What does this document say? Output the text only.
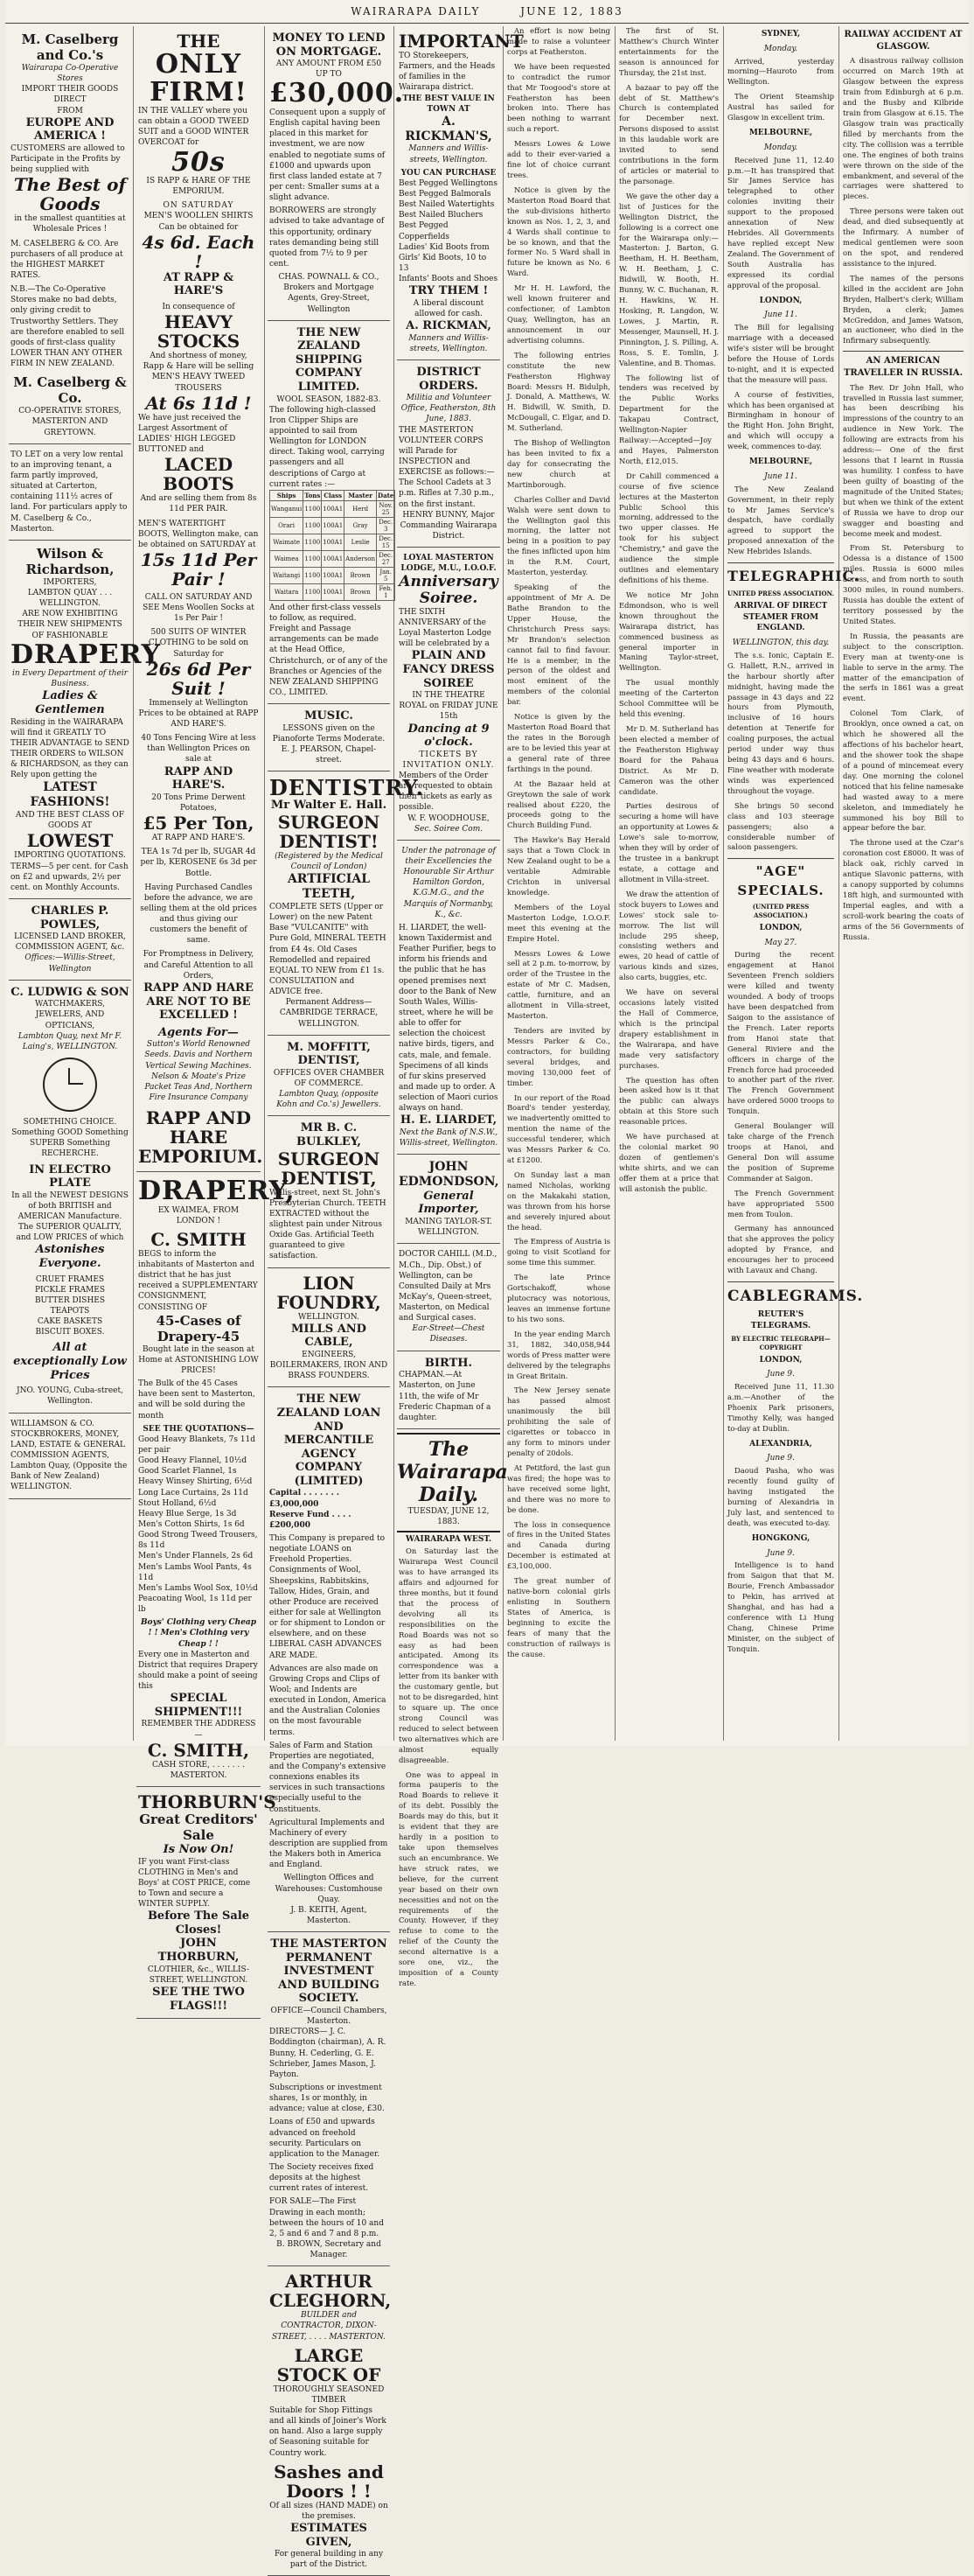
WAIRARAPA DAILY	JUNE 12, 1883
M. Caselberg and Co.'s
Wairarapa Co-Operative Stores
IMPORT THEIR GOODS DIRECT
FROM
EUROPE AND AMERICA !
CUSTOMERS are allowed to Participate in the Profits by being supplied with
The Best of Goods
in the smallest quantities at Wholesale Prices !
M. CASELBERG & CO. Are purchasers of all produce at the HIGHEST MARKET RATES.
N.B.—The Co-Operative Stores make no bad debts, only giving credit to Trustworthy Settlers. They are therefore enabled to sell goods of first-class quality LOWER THAN ANY OTHER FIRM IN NEW ZEALAND.
M. Caselberg & Co.
CO-OPERATIVE STORES, MASTERTON AND GREYTOWN.
TO LET on a very low rental to an improving tenant, a farm partly improved, situated at Carterton, containing 111½ acres of land. For particulars apply to M. Caselberg & Co., Masterton.
Wilson & Richardson,
IMPORTERS,
LAMBTON QUAY . . . WELLINGTON.
ARE NOW EXHIBITING THEIR NEW SHIPMENTS OF FASHIONABLE
DRAPERY
in Every Department of their Business.
Ladies & Gentlemen
Residing in the WAIRARAPA will find it GREATLY TO THEIR ADVANTAGE to SEND THEIR ORDERS to WILSON & RICHARDSON, as they can Rely upon getting the
LATEST FASHIONS!
AND THE BEST CLASS OF GOODS AT
LOWEST
IMPORTING QUOTATIONS.
TERMS—5 per cent. for Cash on £2 and upwards, 2½ per cent. on Monthly Accounts.
CHARLES P. POWLES,
LICENSED LAND BROKER, COMMISSION AGENT, &c.
Offices:—Willis-Street, Wellington
C. LUDWIG & SON
WATCHMAKERS, JEWELERS, AND OPTICIANS,
Lambton Quay, next Mr F. Laing's, WELLINGTON.
SOMETHING CHOICE. Something GOOD Something SUPERB Something RECHERCHE.
IN ELECTRO PLATE
In all the NEWEST DESIGNS of both BRITISH and AMERICAN Manufacture. The SUPERIOR QUALITY, and LOW PRICES of which
Astonishes Everyone.
CRUET FRAMES
PICKLE FRAMES
BUTTER DISHES
TEAPOTS
CAKE BASKETS
BISCUIT BOXES.
All at exceptionally Low Prices
JNO. YOUNG, Cuba-street, Wellington.
WILLIAMSON & CO. STOCKBROKERS, MONEY, LAND, ESTATE & GENERAL COMMISSION AGENTS, Lambton Quay, (Opposite the Bank of New Zealand) WELLINGTON.
THE
ONLY FIRM!
IN THE VALLEY where you can obtain a GOOD TWEED SUIT and a GOOD WINTER OVERCOAT for
50s
IS RAPP & HARE OF THE EMPORIUM.
ON SATURDAY
MEN'S WOOLLEN SHIRTS Can be obtained for
4s 6d. Each !
AT RAPP & HARE'S
In consequence of
HEAVY STOCKS
And shortness of money, Rapp & Hare will be selling MEN'S HEAVY TWEED TROUSERS
At 6s 11d !
We have just received the Largest Assortment of LADIES' HIGH LEGGED BUTTONED and
LACED BOOTS
And are selling them from 8s 11d PER PAIR.
MEN'S WATERTIGHT BOOTS, Wellington make, can be obtained on SATURDAY at
15s 11d Per Pair !
CALL ON SATURDAY AND SEE Mens Woollen Socks at 1s Per Pair !
500 SUITS OF WINTER CLOTHING to be sold on Saturday for
26s 6d Per Suit !
Immensely at Wellington Prices to be obtained at RAPP AND HARE'S.
40 Tons Fencing Wire at less than Wellington Prices on sale at
RAPP AND HARE'S.
20 Tons Prime Derwent Potatoes,
£5 Per Ton,
AT RAPP AND HARE'S.
TEA 1s 7d per lb, SUGAR 4d per lb, KEROSENE 6s 3d per Bottle.
Having Purchased Candles before the advance, we are selling them at the old prices and thus giving our customers the benefit of same.
For Promptness in Delivery, and Careful Attention to all Orders,
RAPP AND HARE ARE NOT TO BE EXCELLED !
Agents For—
Sutton's World Renowned Seeds. Davis and Northern Vertical Sewing Machines. Nelson & Moate's Prize Packet Teas And, Northern Fire Insurance Company
RAPP AND HARE EMPORIUM.
DRAPERY,
EX WAIMEA, FROM LONDON !
C. SMITH
BEGS to inform the inhabitants of Masterton and district that he has just received a SUPPLEMENTARY CONSIGNMENT, CONSISTING OF
45-Cases of Drapery-45
Bought late in the season at Home at ASTONISHING LOW PRICES!
The Bulk of the 45 Cases have been sent to Masterton, and will be sold during the month
SEE THE QUOTATIONS—
Good Heavy Blankets, 7s 11d per pair
Good Heavy Flannel, 10½d
Good Scarlet Flannel, 1s
Heavy Winsey Shirting, 6½d
Long Lace Curtains, 2s 11d
Stout Holland, 6½d
Heavy Blue Serge, 1s 3d
Men's Cotton Shirts, 1s 6d
Good Strong Tweed Trousers, 8s 11d
Men's Under Flannels, 2s 6d
Men's Lambs Wool Pants, 4s 11d
Men's Lambs Wool Sox, 10½d
Peacoating Wool, 1s 11d per lb
Boys' Clothing very Cheap ! ! Men's Clothing very Cheap ! !
Every one in Masterton and District that requires Drapery should make a point of seeing this
SPECIAL SHIPMENT!!!
REMEMBER THE ADDRESS—
C. SMITH,
CASH STORE, . . . . . . . MASTERTON.
THORBURN'S
Great Creditors' Sale
Is Now On!
IF you want First-class CLOTHING in Men's and Boys' at COST PRICE, come to Town and secure a WINTER SUPPLY.
Before The Sale Closes!
JOHN THORBURN,
CLOTHIER, &c., WILLIS-STREET, WELLINGTON.
SEE THE TWO FLAGS!!!
MONEY TO LEND ON MORTGAGE.
ANY AMOUNT FROM £50 UP TO
£30,000.
Consequent upon a supply of English capital having been placed in this market for investment, we are now enabled to negotiate sums of £1000 and upwards upon first class landed estate at 7 per cent: Smaller sums at a slight advance.
BORROWERS are strongly advised to take advantage of this opportunity, ordinary rates demanding being still quoted from 7½ to 9 per cent.
CHAS. POWNALL & CO., Brokers and Mortgage Agents, Grey-Street, Wellington
THE NEW ZEALAND SHIPPING COMPANY LIMITED.
WOOL SEASON, 1882-83.
The following high-classed Iron Clipper Ships are appointed to sail from Wellington for LONDON direct. Taking wool, carrying passengers and all descriptions of Cargo at current rates :—
Ships	Tons	Class	Master	Date
Wanganui	1100	100A1	Herd	Nov. 25
Orari	1100	100A1	Gray	Dec. 3
Waimate	1100	100A1	Leslie	Dec. 15
Waimea	1100	100A1	Anderson	Dec. 27
Waitangi	1100	100A1	Brown	Jan. 5
Waitara	1100	100A1	Brown	Feb. 1
And other first-class vessels to follow, as required.
Freight and Passage arrangements can be made at the Head Office, Christchurch, or of any of the Branches or Agencies of the NEW ZEALAND SHIPPING CO., LIMITED.
MUSIC.
LESSONS given on the Pianoforte Terms Moderate. E. J. PEARSON, Chapel-street.
DENTISTRY.
Mr Walter E. Hall.
SURGEON DENTIST!
(Registered by the Medical Council of London)
ARTIFICIAL TEETH,
COMPLETE SETS (Upper or Lower) on the new Patent Base "VULCANITE" with Pure Gold, MINERAL TEETH from £4 4s. Old Cases Remodelled and repaired EQUAL TO NEW from £1 1s. CONSULTATION and ADVICE free.
Permanent Address—CAMBRIDGE TERRACE, WELLINGTON.
M. MOFFITT, DENTIST,
OFFICES OVER CHAMBER OF COMMERCE.
Lambton Quay, (opposite Kohn and Co.'s) Jewellers.
MR B. C. BULKLEY,
SURGEON DENTIST,
Willis-street, next St. John's Presbyterian Church. TEETH EXTRACTED without the slightest pain under Nitrous Oxide Gas. Artificial Teeth guaranteed to give satisfaction.
LION FOUNDRY,
WELLINGTON.
MILLS AND CABLE,
ENGINEERS, BOILERMAKERS, IRON AND BRASS FOUNDERS.
THE NEW ZEALAND LOAN AND MERCANTILE AGENCY COMPANY (LIMITED)
Capital . . . . . . . £3,000,000
Reserve Fund . . . . £200,000
This Company is prepared to negotiate LOANS on Freehold Properties. Consignments of Wool, Sheepskins, Rabbitskins, Tallow, Hides, Grain, and other Produce are received either for sale at Wellington or for shipment to London or elsewhere, and on these LIBERAL CASH ADVANCES ARE MADE.
Advances are also made on Growing Crops and Clips of Wool; and Indents are executed in London, America and the Australian Colonies on the most favourable terms.
Sales of Farm and Station Properties are negotiated, and the Company's extensive connexions enables its services in such transactions especially useful to the constituents.
Agricultural Implements and Machinery of every description are supplied from the Makers both in America and England.
Wellington Offices and Warehouses: Customhouse Quay.
J. B. KEITH, Agent, Masterton.
THE MASTERTON PERMANENT INVESTMENT AND BUILDING SOCIETY.
OFFICE—Council Chambers, Masterton.
DIRECTORS— J. C. Boddington (chairman), A. R. Bunny, H. Cederling, G. E. Schrieber, James Mason, J. Payton.
Subscriptions or investment shares, 1s or monthly, in advance; value at close, £30.
Loans of £50 and upwards advanced on freehold security. Particulars on application to the Manager.
The Society receives fixed deposits at the highest current rates of interest.
FOR SALE—The First Drawing in each month; between the hours of 10 and 2, 5 and 6 and 7 and 8 p.m.
B. BROWN, Secretary and Manager.
ARTHUR CLEGHORN,
BUILDER and CONTRACTOR, DIXON-STREET, . . . . MASTERTON.
LARGE STOCK OF
THOROUGHLY SEASONED TIMBER
Suitable for Shop Fittings and all kinds of Joiner's Work on hand. Also a large supply of Seasoning suitable for Country work.
Sashes and Doors ! !
Of all sizes (HAND MADE) on the premises.
ESTIMATES GIVEN,
For general building in any part of the District.
IMPORTANT
TO Storekeepers, Farmers, and the Heads of families in the Wairarapa district.
THE BEST VALUE IN TOWN AT
A. RICKMAN'S,
Manners and Willis-streets, Wellington.
YOU CAN PURCHASE
Best Pegged Wellingtons
Best Pegged Balmorals
Best Nailed Watertights
Best Nailed Bluchers
Best Pegged Copperfields
Ladies' Kid Boots from
Girls' Kid Boots, 10 to 13
Infants' Boots and Shoes
TRY THEM !
A liberal discount allowed for cash.
A. RICKMAN,
Manners and Willis-streets, Wellington.
DISTRICT ORDERS.
Militia and Volunteer Office, Featherston, 8th June, 1883.
THE MASTERTON VOLUNTEER CORPS will Parade for INSPECTION and EXERCISE as follows:—
The School Cadets at 3 p.m. Rifles at 7.30 p.m., on the first instant.
HENRY BUNNY, Major Commanding Wairarapa District.
LOYAL MASTERTON LODGE, M.U., I.O.O.F.
Anniversary Soiree.
THE SIXTH ANNIVERSARY of the Loyal Masterton Lodge will be celebrated by a
PLAIN AND FANCY DRESS SOIREE
IN THE THEATRE ROYAL on FRIDAY JUNE 15th
Dancing at 9 o'clock.
TICKETS BY INVITATION ONLY.
Members of the Order are requested to obtain their tickets as early as possible.
W. F. WOODHOUSE,
Sec. Soiree Com.
Under the patronage of their Excellencies the Honourable Sir Arthur Hamilton Gordon, K.G.M.G., and the Marquis of Normanby, K., &c.
H. LIARDET, the well-known Taxidermist and Feather Purifier, begs to inform his friends and the public that he has opened premises next door to the Bank of New South Wales, Willis-street, where he will be able to offer for selection the choicest native birds, tigers, and cats, male, and female. Specimens of all kinds of fur skins preserved and made up to order. A selection of Maori curios always on hand.
H. E. LIARDET,
Next the Bank of N.S.W., Willis-street, Wellington.
JOHN EDMONDSON,
General Importer,
MANING TAYLOR-ST. WELLINGTON.
DOCTOR CAHILL (M.D., M.Ch., Dip. Obst.) of Wellington, can be Consulted Daily at Mrs McKay's, Queen-street, Masterton, on Medical and Surgical cases.
Ear-Street—Chest Diseases.
BIRTH.
CHAPMAN.—At Masterton, on June 11th, the wife of Mr Frederic Chapman of a daughter.
The Wairarapa Daily.
TUESDAY, JUNE 12, 1883.
WAIRARAPA WEST.

On Saturday last the Wairarapa West Council was to have arranged its affairs and adjourned for three months, but it found that the process of devolving all its responsibilities on the Road Boards was not so easy as had been anticipated. Among its correspondence was a letter from its banker with the customary gentle, but not to be disregarded, hint to square up. The once strong Council was reduced to select between two alternatives which are almost equally disagreeable.

One was to appeal in forma pauperis to the Road Boards to relieve it of its debt. Possibly the Boards may do this, but it is evident that they are hardly in a position to take upon themselves such an encumbrance. We have struck rates, we believe, for the current year based on their own necessities and not on the requirements of the County. However, if they refuse to come to the relief of the County the second alternative is a sore one, viz., the imposition of a County rate.

An effort is now being made to raise a volunteer corps at Featherston.

We have been requested to contradict the rumor that Mr Toogood's store at Featherston has been broken into. There has been nothing to warrant such a report.

Messrs Lowes & Lowe add to their ever-varied a fine lot of choice currant trees.

Notice is given by the Masterton Road Board that the sub-divisions hitherto known as Nos. 1, 2, 3, and 4 Wards shall continue to be so known, and that the former No. 5 Ward shall in future be known as No. 6 Ward.

Mr H. H. Lawford, the well known fruiterer and confectioner, of Lambton Quay, Wellington, has an announcement in our advertising columns.

The following entries constitute the new Featherston Highway Board: Messrs H. Bidulph, J. Donald, A. Matthews, W. H. Bidwill, W. Smith, D. McDougall, C. Elgar, and D. M. Sutherland.

The Bishop of Wellington has been invited to fix a day for consecrating the new church at Martinborough.

Charles Collier and David Walsh were sent down to the Wellington gaol this morning, the latter not being in a position to pay the fines inflicted upon him in the R.M. Court, Masterton, yesterday.

Speaking of the appointment of Mr A. De Bathe Brandon to the Upper House, the Christchurch Press says: Mr Brandon's selection cannot fail to find favour. He is a member, in the person of the oldest and most eminent of the members of the colonial bar.

Notice is given by the Masterton Road Board that the rates in the Borough are to be levied this year at a general rate of three farthings in the pound.

At the Bazaar held at Greytown the sale of work realised about £220, the proceeds going to the Church Building Fund.

The Hawke's Bay Herald says that a Town Clock in New Zealand ought to be a veritable Admirable Crichton in universal knowledge.

Members of the Loyal Masterton Lodge, I.O.O.F. meet this evening at the Empire Hotel.

Messrs Lowes & Lowe sell at 2 p.m. to-morrow, by order of the Trustee in the estate of Mr C. Madsen, cattle, furniture, and an allotment in Villa-street, Masterton.

Tenders are invited by Messrs Parker & Co., contractors, for building several bridges, and moving 130,000 feet of timber.

In our report of the Road Board's tender yesterday, we inadvertently omitted to mention the name of the successful tenderer, which was Messrs Parker & Co. at £1200.

On Sunday last a man named Nicholas, working on the Makakahi station, was thrown from his horse and severely injured about the head.

The Empress of Austria is going to visit Scotland for some time this summer.

The late Prince Gortschakoff, whose plutocracy was notorious, leaves an immense fortune to his two sons.

In the year ending March 31, 1882, 340,058,944 words of Press matter were delivered by the telegraphs in Great Britain.

The New Jersey senate has passed almost unanimously the bill prohibiting the sale of cigarettes or tobacco in any form to minors under penalty of 20dols.

At Petitford, the last gun was fired; the hope was to have received some light, and there was no more to be done.

The loss in consequence of fires in the United States and Canada during December is estimated at £3,100,000.

The great number of native-born colonial girls enlisting in Southern States of America, is beginning to excite the fears of many that the construction of railways is the cause.

The first of St. Matthew's Church Winter entertainments for the season is announced for Thursday, the 21st inst.

A bazaar to pay off the debt of St. Matthew's Church is contemplated for December next. Persons disposed to assist in this laudable work are invited to send contributions in the form of articles or material to the parsonage.

We gave the other day a list of Justices for the Wellington District, the following is a correct one for the Wairarapa only:— Masterton: J. Barton, G. Beetham, H. H. Beetham, W. H. Beetham, J. C. Bidwill, W. Booth, H. Bunny, W. C. Buchanan, R. H. Hawkins, W. H. Hosking, R. Langdon, W. Lowes, J. Martin, R. Messenger, Maunsell, H. J. Pinnington, J. S. Pilling, A. Ross, S. E. Tomlin, J. Valentine, and B. Thomas.

The following list of tenders was received by the Public Works Department for the Takapau Contract, Wellington-Napier Railway:—Accepted—Joy and Hayes, Palmerston North, £12,015.

Dr Cahill commenced a course of five science lectures at the Masterton Public School this morning, addressed to the two upper classes. He took for his subject "Chemistry," and gave the audience the simple outlines and elementary definitions of his theme.

We notice Mr John Edmondson, who is well known throughout the Wairarapa district, has commenced business as general importer in Maning Taylor-street, Wellington.

The usual monthly meeting of the Carterton School Committee will be held this evening.

Mr D. M. Sutherland has been elected a member of the Featherston Highway Board for the Pahaua District. As Mr D. Cameron was the other candidate.

Parties desirous of securing a home will have an opportunity at Lowes & Lowe's sale to-morrow, when they will by order of the trustee in a bankrupt estate, a cottage and allotment in Villa-street.

We draw the attention of stock buyers to Lowes and Lowes' stock sale to-morrow. The list will include 295 sheep, consisting wethers and ewes, 20 head of cattle of various kinds and sizes, also carts, buggies, etc.

We have on several occasions lately visited the Hall of Commerce, which is the principal drapery establishment in the Wairarapa, and have made very satisfactory purchases.

The question has often been asked how is it that the public can always obtain at this Store such reasonable prices.

We have purchased at the colonial market 90 dozen of gentlemen's white shirts, and we can offer them at a price that will astonish the public.

SYDNEY,
Monday.

Arrived, yesterday morning—Hauroto from Wellington.

The Orient Steamship Austral has sailed for Glasgow in excellent trim.

MELBOURNE,
Monday.

Received June 11, 12.40 p.m.—It has transpired that Sir James Service has telegraphed to other colonies inviting their support to the proposed annexation of New Hebrides. All Governments have replied except New Zealand. The Government of South Australia has expressed its cordial approval of the proposal.

LONDON,
June 11.

The Bill for legalising marriage with a deceased wife's sister will be brought before the House of Lords to-night, and it is expected that the measure will pass.

A course of festivities, which has been organised at Birmingham in honour of the Right Hon. John Bright, and which will occupy a week, commences to-day.

MELBOURNE,
June 11.

The New Zealand Government, in their reply to Mr James Service's despatch, have cordially agreed to support the proposed annexation of the New Hebrides Islands.

TELEGRAPHIC.
UNITED PRESS ASSOCIATION.
ARRIVAL OF DIRECT STEAMER FROM ENGLAND.
WELLINGTON, this day.

The s.s. Ionic, Captain E. G. Hallett, R.N., arrived in the harbour shortly after midnight, having made the passage in 43 days and 22 hours from Plymouth, inclusive of 16 hours detention at Tenerife for coaling purposes, the actual period under way thus being 43 days and 6 hours. Fine weather with moderate winds was experienced throughout the voyage.

She brings 50 second class and 103 steerage passengers; also a considerable number of saloon passengers.

"AGE" SPECIALS.
(UNITED PRESS ASSOCIATION.)
LONDON,
May 27.

During the recent engagement at Hanoi Seventeen French soldiers were killed and twenty wounded. A body of troops have been despatched from Saigon to the assistance of the French. Later reports from Hanoi state that General Riviere and the officers in charge of the French force had proceeded to another part of the river. The French Government have ordered 5000 troops to Tonquin.

General Boulanger will take charge of the French troops at Hanoi, and General Don will assume the position of Supreme Commander at Saigon.

The French Government have appropriated 5500 men from Toulon.

Germany has announced that she approves the policy adopted by France, and encourages her to proceed with Lavaux and Chang.

CABLEGRAMS.
REUTER'S TELEGRAMS.
BY ELECTRIC TELEGRAPH—COPYRIGHT
LONDON,
June 9.

Received June 11, 11.30 a.m.—Another of the Phoenix Park prisoners, Timothy Kelly, was hanged to-day at Dublin.

ALEXANDRIA,
June 9.

Daoud Pasha, who was recently found guilty of having instigated the burning of Alexandria in July last, and sentenced to death, was executed to-day.

HONGKONG,
June 9.

Intelligence is to hand from Saigon that that M. Bourie, French Ambassador to Pekin, has arrived at Shanghai, and has had a conference with Li Hung Chang, Chinese Prime Minister, on the subject of Tonquin.

RAILWAY ACCIDENT AT GLASGOW.

A disastrous railway collision occurred on March 19th at Glasgow between the express train from Edinburgh at 6 p.m. and the Busby and Kilbride train from Glasgow at 6.15. The Glasgow train was practically filled by merchants from the city. The collision was a terrible one. The engines of both trains were thrown on the side of the embankment, and several of the carriages were shattered to pieces.

Three persons were taken out dead, and died subsequently at the Infirmary. A number of medical gentlemen were soon on the spot, and rendered assistance to the injured.

The names of the persons killed in the accident are John Bryden, Halbert's clerk; William Bryden, a clerk; James McGreddon, and James Watson, an auctioneer, who died in the Infirmary subsequently.

AN AMERICAN TRAVELLER IN RUSSIA.

The Rev. Dr John Hall, who travelled in Russia last summer, has been describing his impressions of the country to an audience in New York. The following are extracts from his address:— One of the first lessons that I learnt in Russia was humility. I confess to have been guilty of boasting of the magnitude of the United States; but when we think of the extent of Russia we have to drop our swagger and boasting and become meek and modest.

From St. Petersburg to Odessa is a distance of 1500 miles. Russia is 6000 miles across, and from north to south 3000 miles, in round numbers. Russia has double the extent of territory possessed by the United States.

In Russia, the peasants are subject to the conscription. Every man at twenty-one is liable to serve in the army. The matter of the emancipation of the serfs in 1861 was a great event.

Colonel Tom Clark, of Brooklyn, once owned a cat, on which he showered all the affections of his bachelor heart, and the shower took the shape of a pound of mincemeat every day. One morning the colonel noticed that his feline namesake had wasted away to a mere skeleton, and immediately he summoned his boy Bill to appear before the bar.

The throne used at the Czar's coronation cost £8000. It was of black oak, richly carved in antique Slavonic patterns, with a canopy supported by columns 18ft high, and surmounted with Imperial eagles, and with a scroll-work bearing the coats of arms of the 56 Governments of Russia.
